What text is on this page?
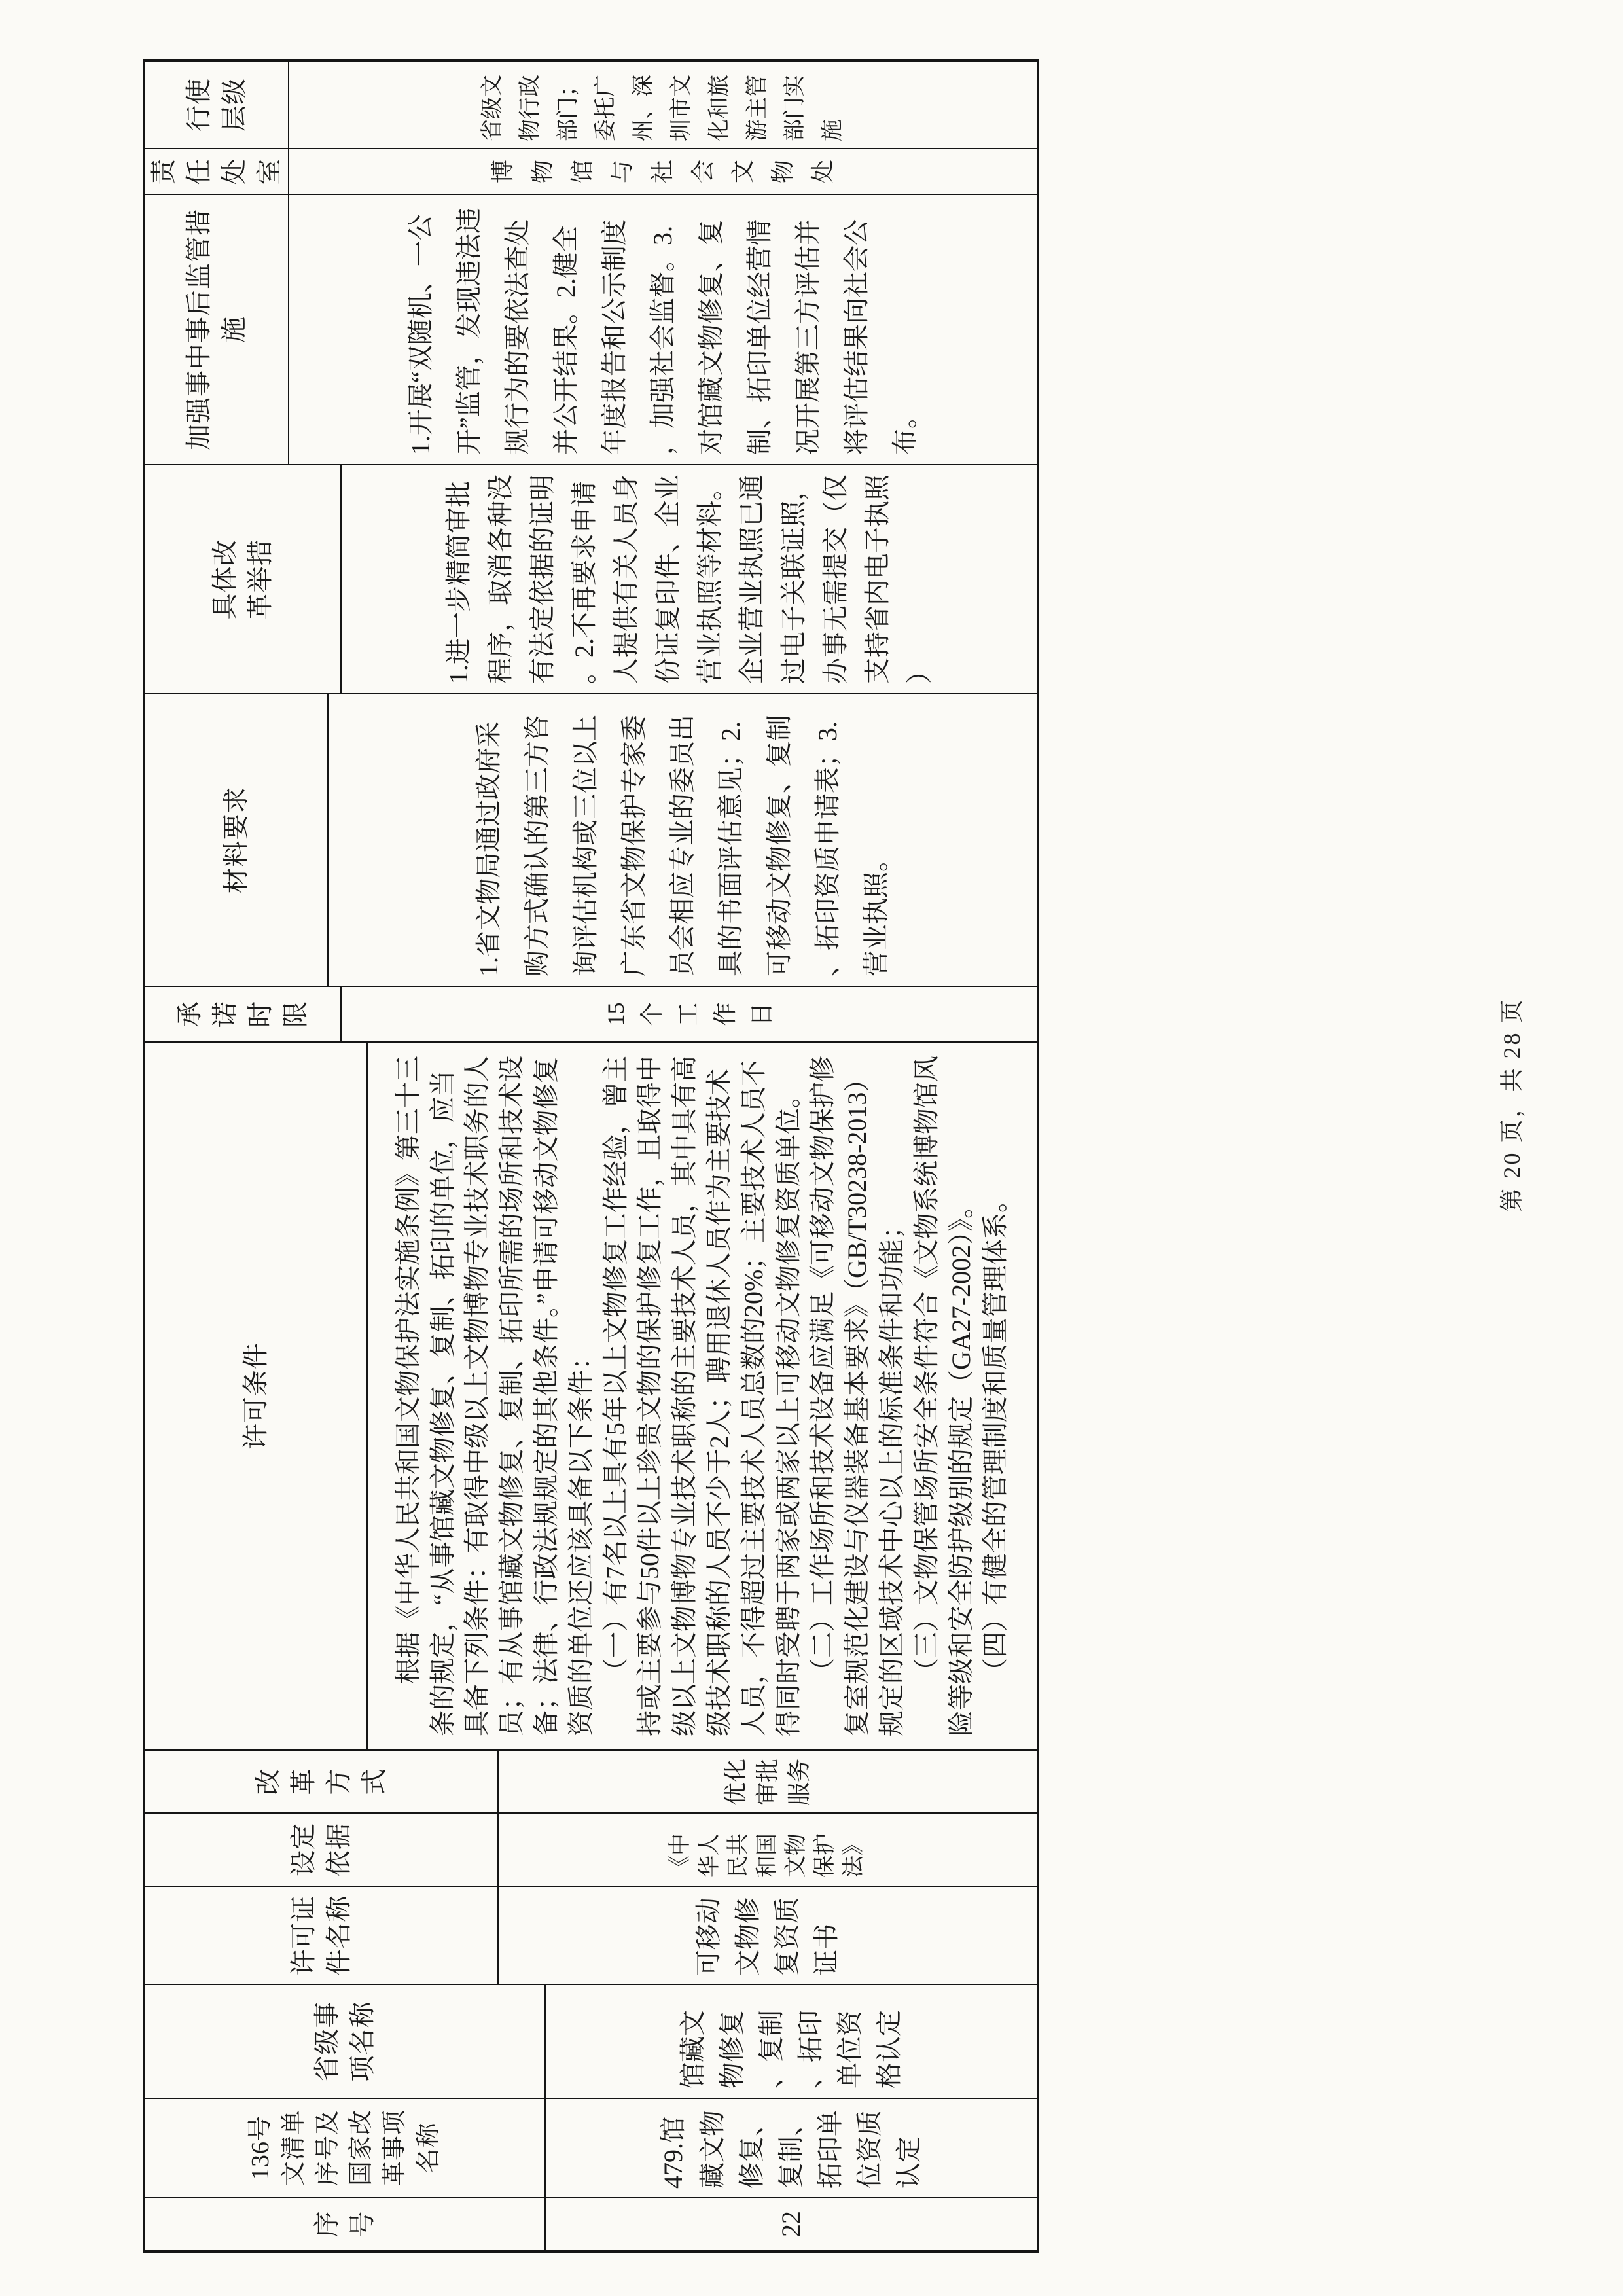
序号	22
136号文清单序号及国家改革事项名称	479.馆藏文物修复、复制、拓印单位资质认定
省级事项名称	馆藏文物修复、复制、拓印单位资格认定
许可证件名称	可移动文物修复资质证书
设定依据	《中华人民共和国文物保护法》
改革方式	优化审批服务
许可条件	根据《中华人民共和国文物保护法实施条例》第三十三条的规定，“从事馆藏文物修复、复制、拓印的单位，应当具备下列条件：有取得中级以上文物博物专业技术职务的人员；有从事馆藏文物修复、复制、拓印所需的场所和技术设备；法律、行政法规规定的其他条件。”申请可移动文物修复资质的单位还应该具备以下条件： （一）有7名以上具有5年以上文物修复工作经验，曾主持或主要参与50件以上珍贵文物的保护修复工作，且取得中级以上文物博物专业技术职称的主要技术人员，其中具有高级技术职称的人员不少于2人；聘用退休人员作为主要技术人员，不得超过主要技术人员总数的20%；主要技术人员不得同时受聘于两家或两家以上可移动文物修复资质单位。 （二）工作场所和技术设备应满足《可移动文物保护修复室规范化建设与仪器装备基本要求》（GB/T30238-2013）规定的区域技术中心以上的标准条件和功能； （三）文物保管场所安全条件符合《文物系统博物馆风险等级和安全防护级别的规定（GA27-2002）》。 （四）有健全的管理制度和质量管理体系。

承诺时限	15个工作日
材料要求	1.省文物局通过政府采购方式确认的第三方咨询评估机构或三位以上广东省文物保护专家委员会相应专业的委员出具的书面评估意见；2.可移动文物修复、复制、拓印资质申请表；3.营业执照。
具体改革举措	1.进一步精简审批程序，取消各种没有法定依据的证明。2.不再要求申请人提供有关人员身份证复印件、企业营业执照等材料。企业营业执照已通过电子关联证照，办事无需提交（仅支持省内电子执照）
加强事中事后监管措施	1.开展“双随机、一公开”监管，发现违法违规行为的要依法查处并公开结果。2.健全年度报告和公示制度，加强社会监督。3.对馆藏文物修复、复制、拓印单位经营情况开展第三方评估并将评估结果向社会公布。
责任处室	博物馆与社会文物处
行使层级	省级文物行政部门；委托广州、深圳市文化和旅游主管部门实施
第 20 页，共 28 页
